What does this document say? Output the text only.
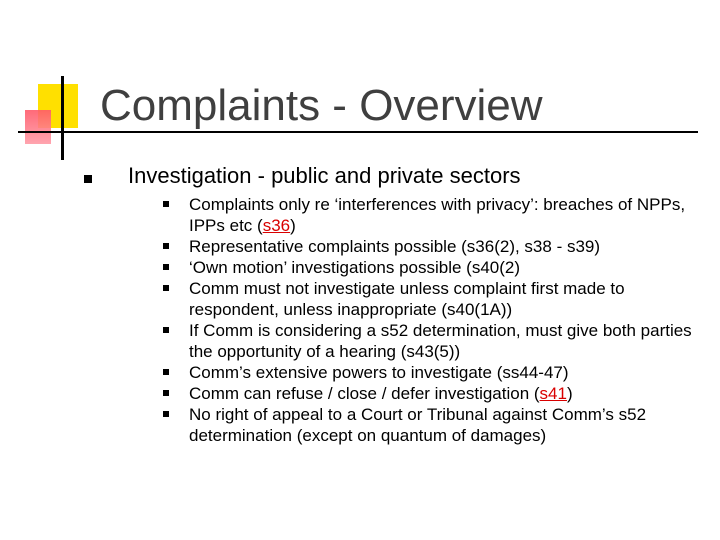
Complaints - Overview
Investigation - public and private sectors
Complaints only re ‘interferences with privacy’: breaches of NPPs, IPPs etc (s36)
Representative complaints possible (s36(2), s38 - s39)
‘Own motion’ investigations possible (s40(2)
Comm must not investigate unless complaint first made to respondent, unless inappropriate (s40(1A))
If Comm is considering a s52 determination, must give both parties the opportunity of a hearing (s43(5))
Comm’s extensive powers to investigate (ss44-47)
Comm can refuse / close / defer investigation (s41)
No right of appeal to a Court or Tribunal against Comm’s s52 determination (except on quantum of damages)
